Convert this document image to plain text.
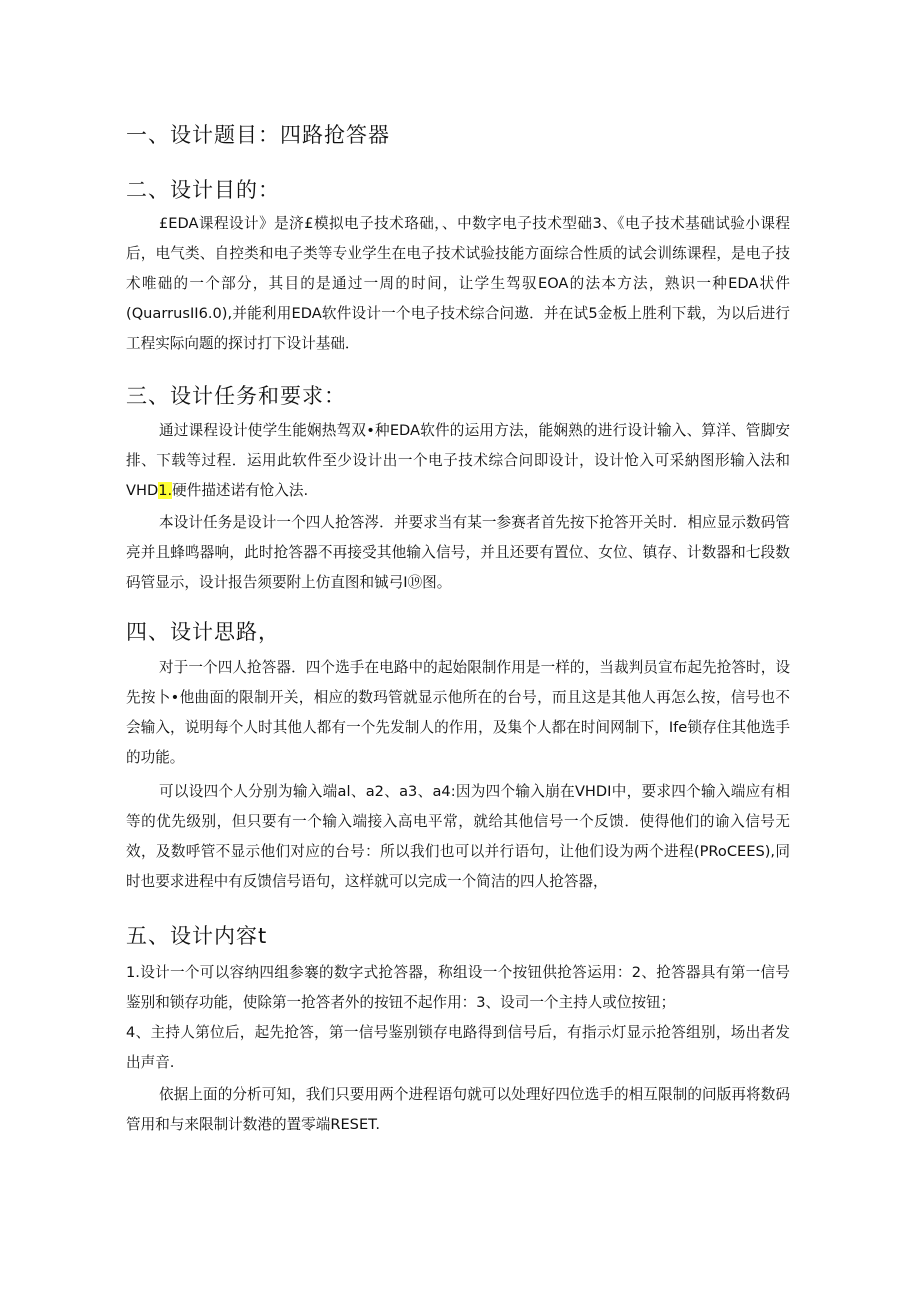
一、设计题目：四路抢答器
二、设计目的：

£EDA课程设计》是济£模拟电子技术珞础，、中数字电子技术型础3、《电子技术基础试验小课程后，电气类、自控类和电子类等专业学生在电子技术试验技能方面综合性质的试会训练课程，是电子技术唯础的一个部分，其目的是通过一周的时间，让学生驾驭EOA的法本方法，熟识一种EDA状件(QuarrusII6.0),并能利用EDA软件设计一个电子技术综合问遨．并在试5金板上胜利下载，为以后进行工程实际向题的探讨打下设计基础．

三、设计任务和要求：

通过课程设计使学生能娴热驾双•种EDA软件的运用方法，能娴熟的进行设计输入、算洋、管脚安排、下载等过程．运用此软件至少设计出一个电子技术综合问即设计，设计怆入可采納图形输入法和VHD1.硬件描述诺有怆入法.

本设计任务是设计一个四人抢答涔．并要求当有某一参赛者首先按下抢答开关时．相应显示数码管亮并且蜂鸣器响，此时抢答器不再接受其他输入信号，并且还要有置位、女位、镇存、计数器和七段数码管显示，设计报告须要附上仿直图和铖弓I⑲图。

四、设计思路，

对于一个四人抢答器．四个选手在电路中的起始限制作用是一样的，当裁判员宣布起先抢答时，设先按卜•他曲面的限制开关，相应的数玛管就显示他所在的台号，而且这是其他人再怎么按，信号也不会输入，说明每个人时其他人都有一个先发制人的作用，及集个人都在时间网制下，Ife锁存住其他选手的功能。

可以设四个人分别为输入端al、a2、a3、a4:因为四个输入崩在VHDI中，要求四个输入端应有相等的优先级别，但只要有一个输入端接入高电平常，就给其他信号一个反馈．使得他们的谕入信号无效，及数呼管不显示他们对应的台号：所以我们也可以并行语句，让他们设为两个进程(PRoCEES),同时也要求进程中有反馈信号语句，这样就可以完成一个简洁的四人抢答器，

五、设计内容t

1.设计一个可以容纳四组参褰的数字式抢答器，称组设一个按钮供抢答运用：2、抢答器具有第一信号鉴别和锁存功能，使除第一抢答者外的按钮不起作用：3、设司一个主持人或位按钮；

4、主持人第位后，起先抢答，第一信号鉴别锁存电路得到信号后，有指示灯显示抢答组别，场出者发出声音.

依据上面的分析可知，我们只要用两个进程语句就可以处理好四位选手的相互限制的问版再将数码管用和与来限制计数港的置零端RESET.
